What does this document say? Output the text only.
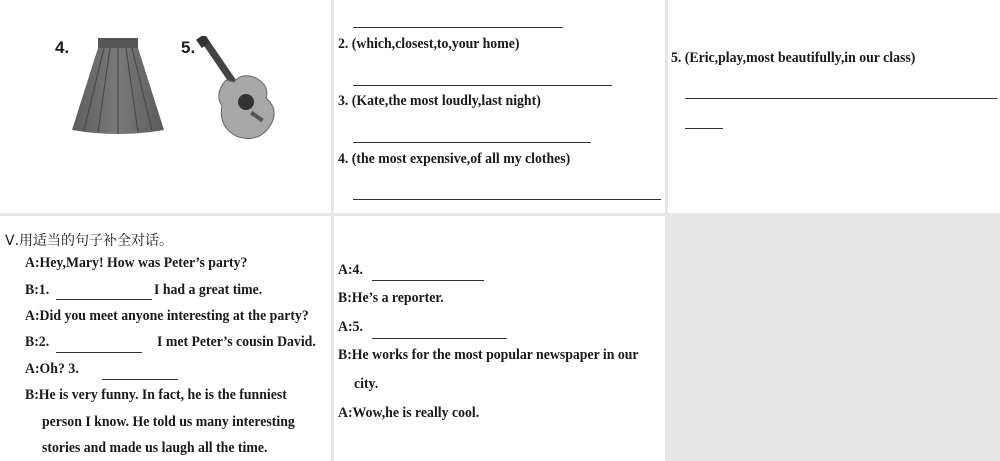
4.	5.	2. (which,closest,to,your home)
3. (Kate,the most loudly,last night)
4. (the most expensive,of all my clothes)
5. (Eric,play,most beautifully,in our class)
Ⅴ.用适当的句子补全对话。
A:Hey,Mary! How was Peter’s party?
B:1.	I had a great time.
A:Did you meet anyone interesting at the party?
B:2.	I met Peter’s cousin David.
A:Oh? 3.
B:He is very funny. In fact, he is the funniest
person I know. He told us many interesting
stories and made us laugh all the time.
A:4.
B:He’s a reporter.
A:5.
B:He works for the most popular newspaper in our
city.
A:Wow,he is really cool.
